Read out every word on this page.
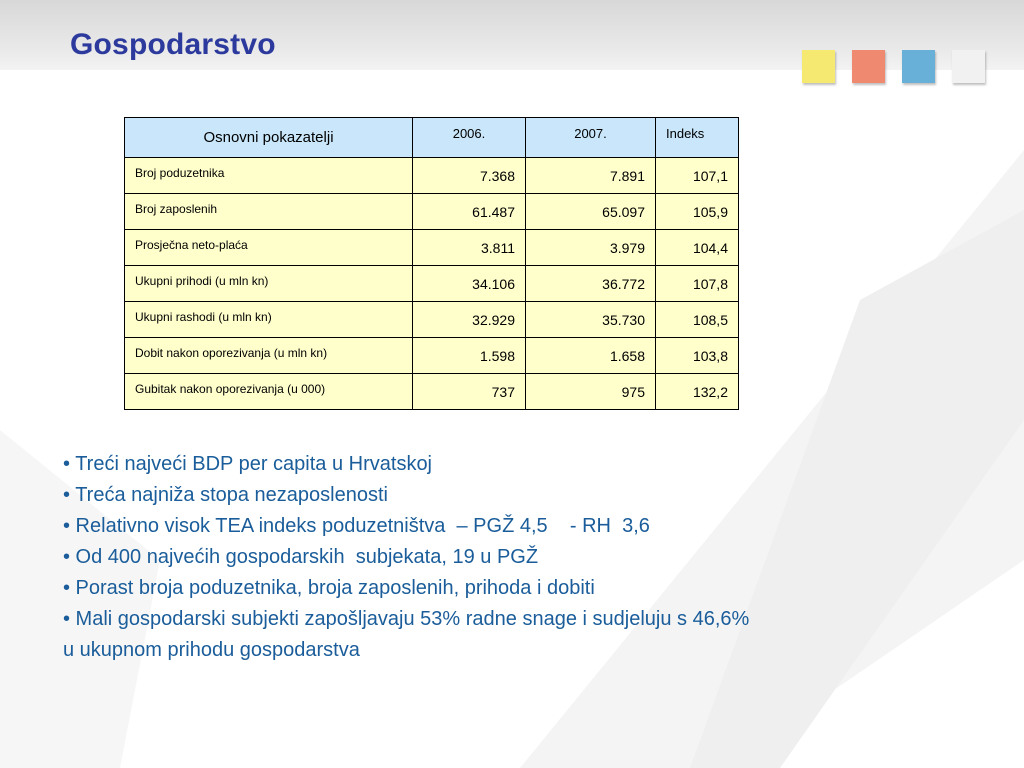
Gospodarstvo
Osnovni pokazatelji	2006.	2007.	Indeks
Broj poduzetnika	7.368	7.891	107,1
Broj zaposlenih	61.487	65.097	105,9
Prosječna neto-plaća	3.811	3.979	104,4
Ukupni prihodi (u mln kn)	34.106	36.772	107,8
Ukupni rashodi (u mln kn)	32.929	35.730	108,5
Dobit nakon oporezivanja (u mln kn)	1.598	1.658	103,8
Gubitak nakon oporezivanja (u 000)	737	975	132,2
• Treći najveći BDP per capita u Hrvatskoj
• Treća najniža stopa nezaposlenosti
• Relativno visok TEA indeks poduzetništva  – PGŽ 4,5    - RH  3,6
• Od 400 najvećih gospodarskih  subjekata, 19 u PGŽ
• Porast broja poduzetnika, broja zaposlenih, prihoda i dobiti
• Mali gospodarski subjekti zapošljavaju 53% radne snage i sudjeluju s 46,6%
u ukupnom prihodu gospodarstva
